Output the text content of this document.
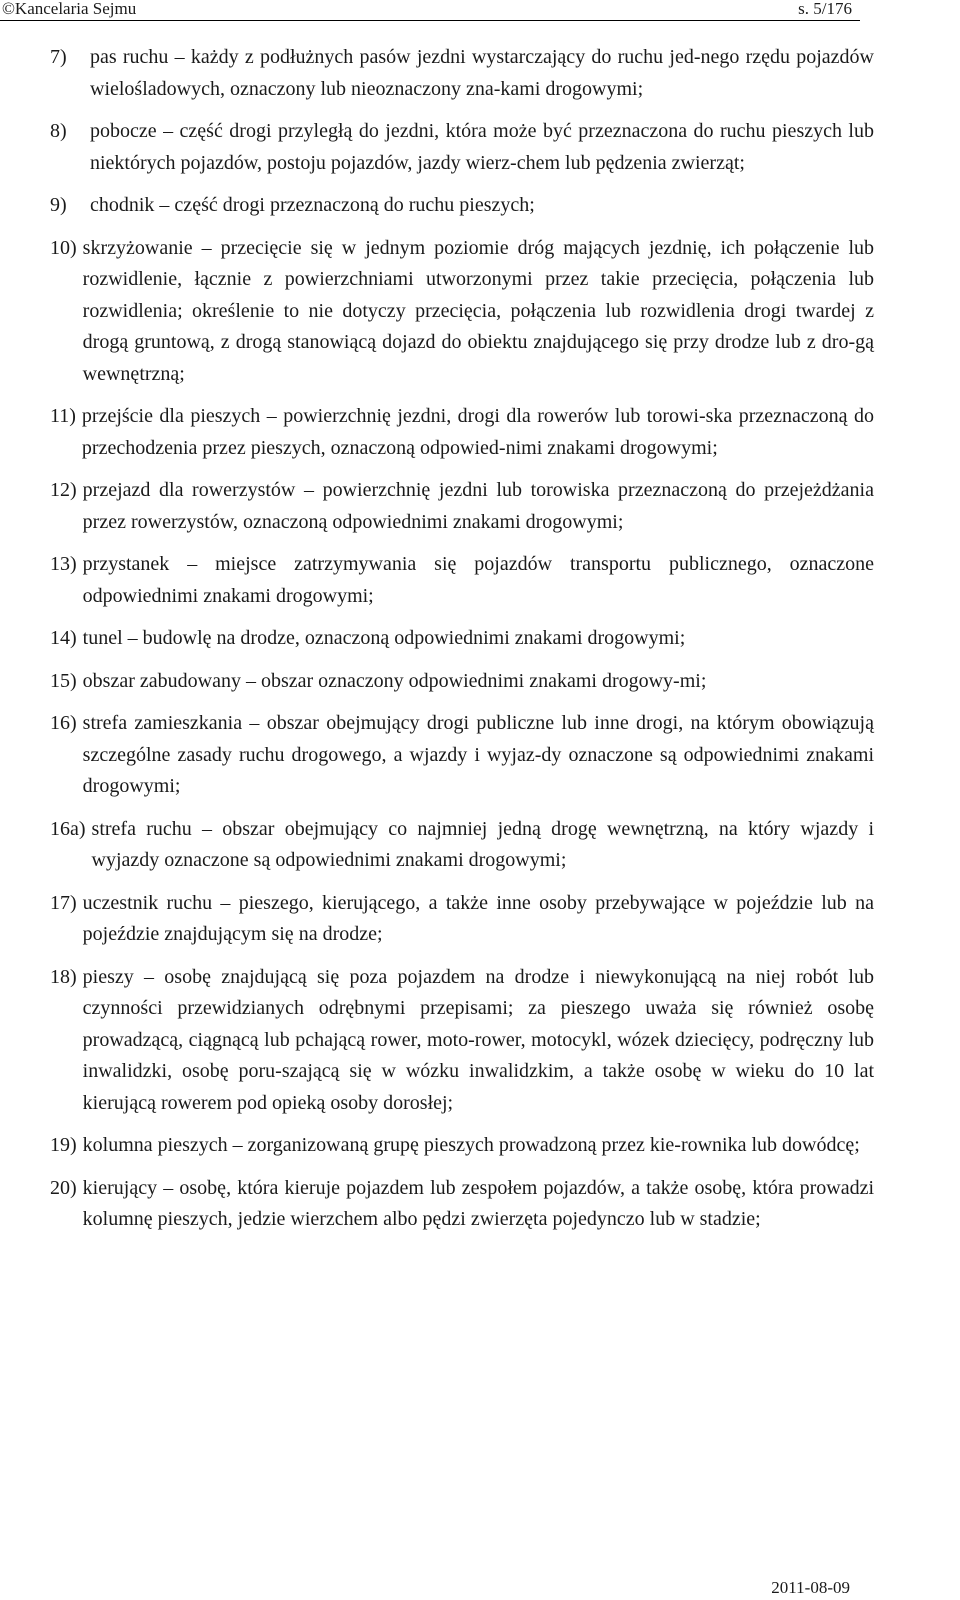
©Kancelaria Sejmu	s. 5/176
7)	pas ruchu – każdy z podłużnych pasów jezdni wystarczający do ruchu jed-nego rzędu pojazdów wielośladowych, oznaczony lub nieoznaczony zna-kami drogowymi;
8)	pobocze – część drogi przyległą do jezdni, która może być przeznaczona do ruchu pieszych lub niektórych pojazdów, postoju pojazdów, jazdy wierz-chem lub pędzenia zwierząt;
9)	chodnik – część drogi przeznaczoną do ruchu pieszych;
10) skrzyżowanie – przecięcie się w jednym poziomie dróg mających jezdnię, ich połączenie lub rozwidlenie, łącznie z powierzchniami utworzonymi przez takie przecięcia, połączenia lub rozwidlenia; określenie to nie dotyczy przecięcia, połączenia lub rozwidlenia drogi twardej z drogą gruntową, z drogą stanowiącą dojazd do obiektu znajdującego się przy drodze lub z dro-gą wewnętrzną;
11) przejście dla pieszych – powierzchnię jezdni, drogi dla rowerów lub torowi-ska przeznaczoną do przechodzenia przez pieszych, oznaczoną odpowied-nimi znakami drogowymi;
12) przejazd dla rowerzystów – powierzchnię jezdni lub torowiska przeznaczoną do przejeżdżania przez rowerzystów, oznaczoną odpowiednimi znakami drogowymi;
13) przystanek – miejsce zatrzymywania się pojazdów transportu publicznego, oznaczone odpowiednimi znakami drogowymi;
14) tunel – budowlę na drodze, oznaczoną odpowiednimi znakami drogowymi;
15) obszar zabudowany – obszar oznaczony odpowiednimi znakami drogowy-mi;
16) strefa zamieszkania – obszar obejmujący drogi publiczne lub inne drogi, na którym obowiązują szczególne zasady ruchu drogowego, a wjazdy i wyjaz-dy oznaczone są odpowiednimi znakami drogowymi;
16a) strefa ruchu – obszar obejmujący co najmniej jedną drogę wewnętrzną, na który wjazdy i wyjazdy oznaczone są odpowiednimi znakami drogowymi;
17) uczestnik ruchu – pieszego, kierującego, a także inne osoby przebywające w pojeździe lub na pojeździe znajdującym się na drodze;
18) pieszy – osobę znajdującą się poza pojazdem na drodze i niewykonującą na niej robót lub czynności przewidzianych odrębnymi przepisami; za pieszego uważa się również osobę prowadzącą, ciągnącą lub pchającą rower, moto-rower, motocykl, wózek dziecięcy, podręczny lub inwalidzki, osobę poru-szającą się w wózku inwalidzkim, a także osobę w wieku do 10 lat kierującą rowerem pod opieką osoby dorosłej;
19) kolumna pieszych – zorganizowaną grupę pieszych prowadzoną przez kie-rownika lub dowódcę;
20) kierujący – osobę, która kieruje pojazdem lub zespołem pojazdów, a także osobę, która prowadzi kolumnę pieszych, jedzie wierzchem albo pędzi zwierzęta pojedynczo lub w stadzie;
2011-08-09
